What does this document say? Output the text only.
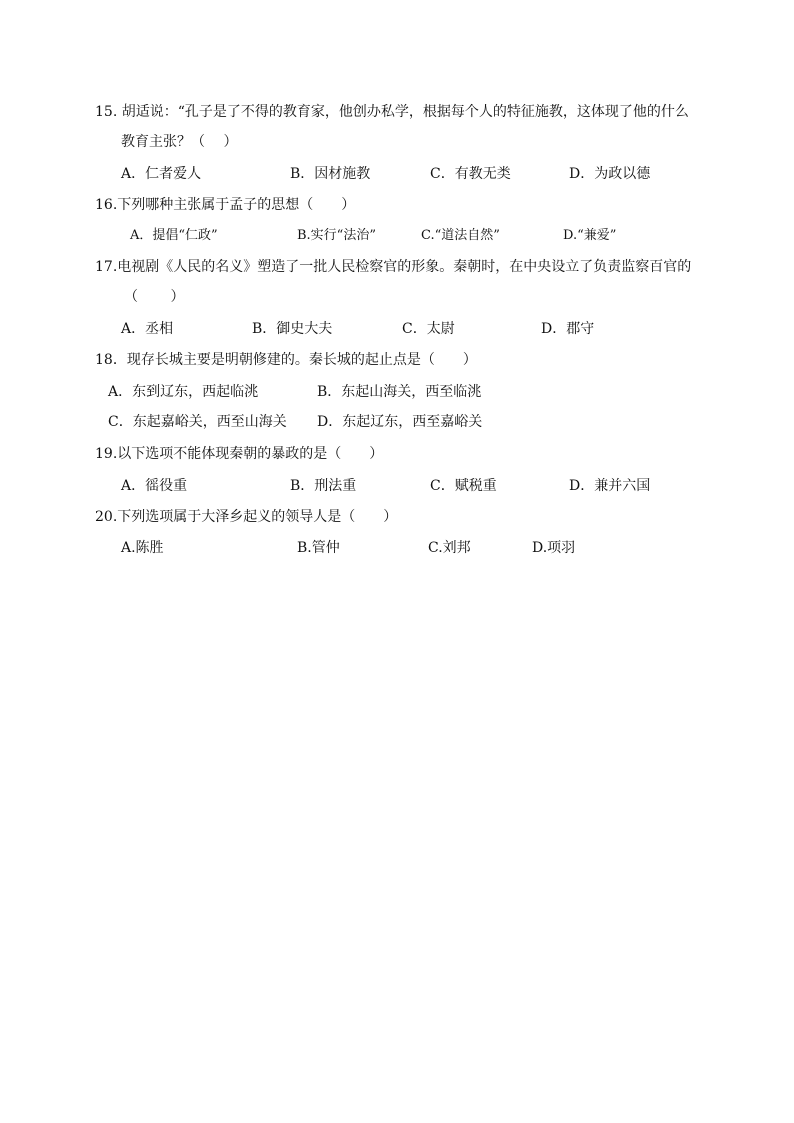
15. 胡适说：“孔子是了不得的教育家，他创办私学，根据每个人的特征施教，这体现了他的什么
教育主张？（　 ）
A．仁者爱人	B．因材施教	C．有教无类	D．为政以德
16.下列哪种主张属于孟子的思想（　　）
A．提倡“仁政”	B.实行“法治”	C.“道法自然”	D.“兼爱”
17.电视剧《人民的名义》塑造了一批人民检察官的形象。秦朝时，在中央设立了负责监察百官的
（　　 ）
A．丞相	B．御史大夫	C．太尉	D．郡守
18．现存长城主要是明朝修建的。秦长城的起止点是（　　）
A．东到辽东，西起临洮	B．东起山海关，西至临洮
C．东起嘉峪关，西至山海关 D．东起辽东，西至嘉峪关
19.以下选项不能体现秦朝的暴政的是（　　）
A．徭役重	B．刑法重	C．赋税重	D．兼并六国
20.下列选项属于大泽乡起义的领导人是（　　）
A.陈胜	B.管仲	C.刘邦	D.项羽
